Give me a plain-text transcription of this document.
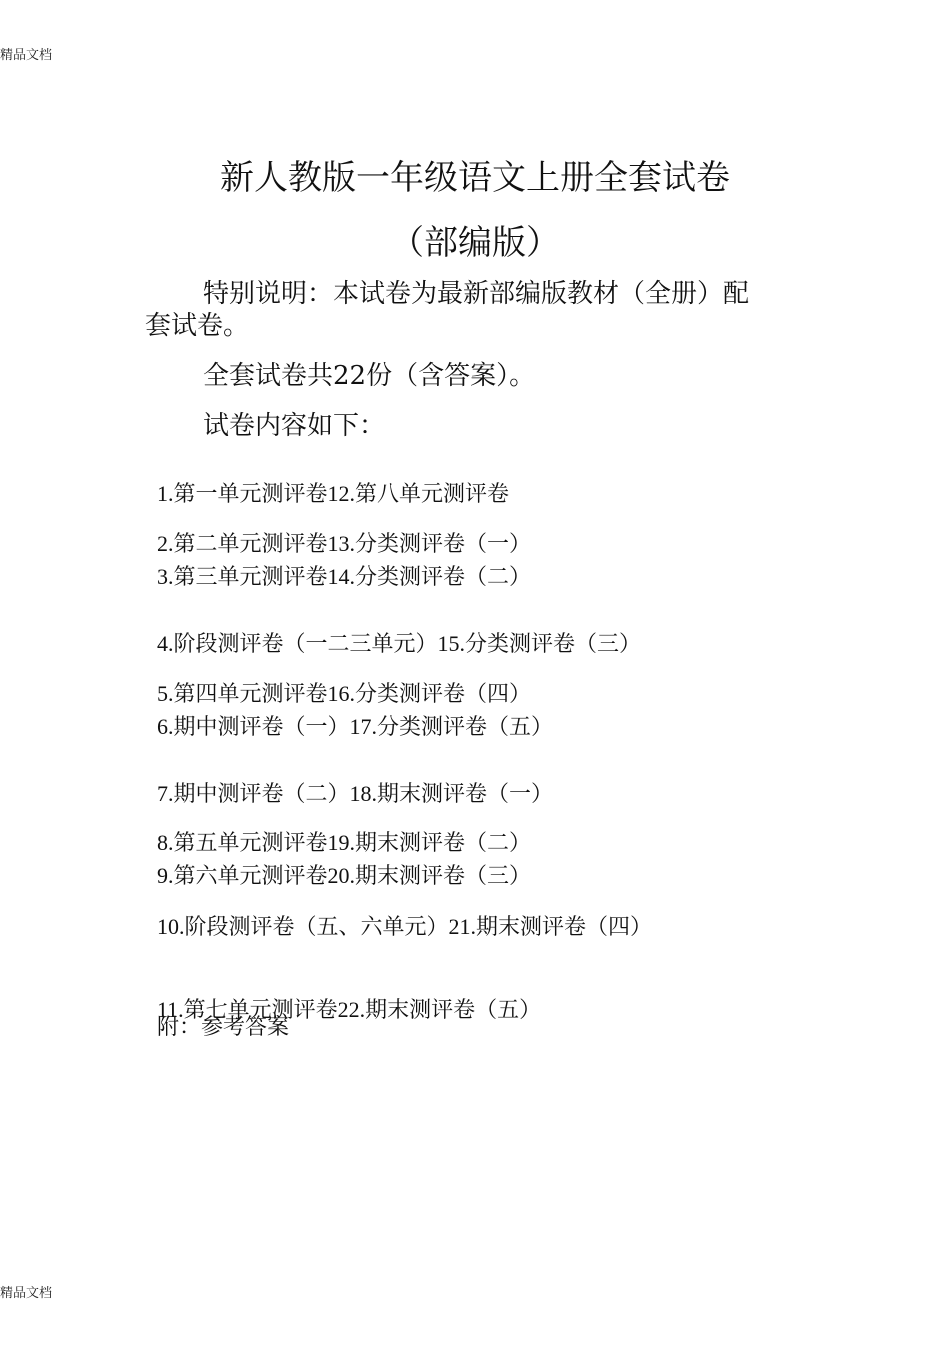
精品文档
新人教版一年级语文上册全套试卷
（部编版）
特别说明：本试卷为最新部编版教材（全册）配
套试卷。
全套试卷共22份（含答案）。
试卷内容如下：
1.第一单元测评卷12.第八单元测评卷
2.第二单元测评卷13.分类测评卷（一）
3.第三单元测评卷14.分类测评卷（二）
4.阶段测评卷（一二三单元）15.分类测评卷（三）
5.第四单元测评卷16.分类测评卷（四）
6.期中测评卷（一）17.分类测评卷（五）
7.期中测评卷（二）18.期末测评卷（一）
8.第五单元测评卷19.期末测评卷（二）
9.第六单元测评卷20.期末测评卷（三）
10.阶段测评卷（五、六单元）21.期末测评卷（四）
11.第七单元测评卷22.期末测评卷（五）
附：参考答案
精品文档
